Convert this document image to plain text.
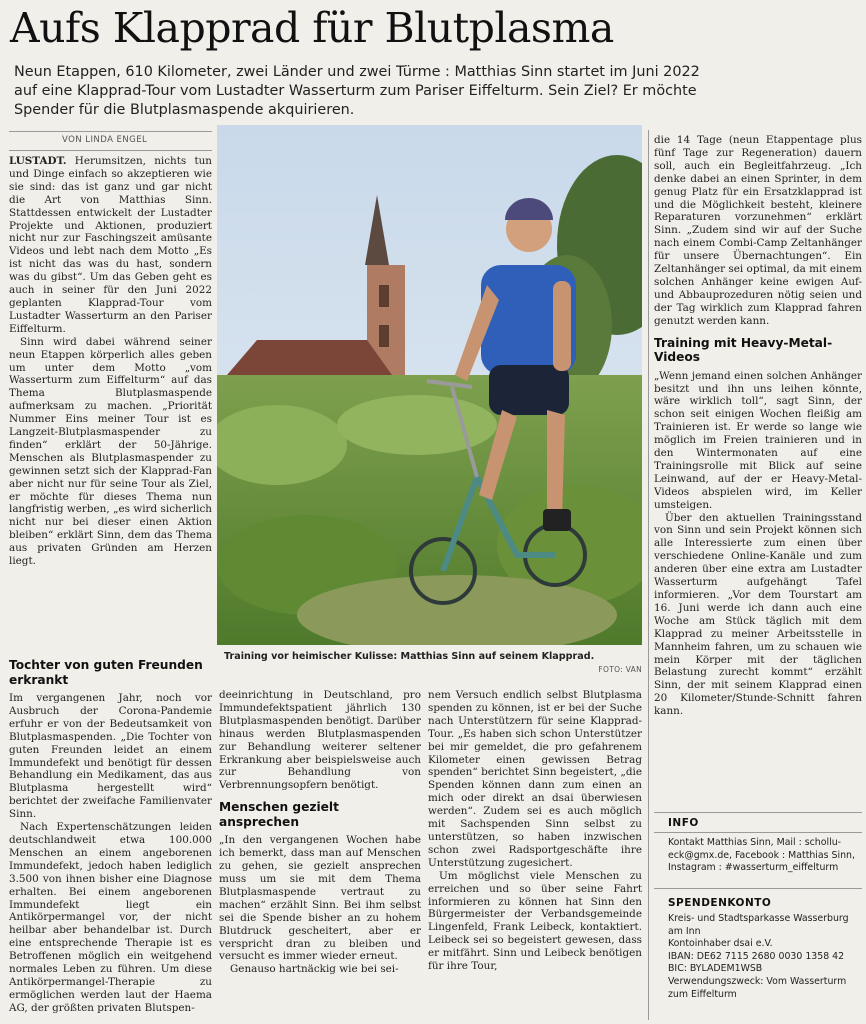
Aufs Klapprad für Blutplasma

Neun Etappen, 610 Kilometer, zwei Länder und zwei Türme : Matthias Sinn startet im Juni 2022 auf eine Klapprad-Tour vom Lustadter Wasserturm zum Pariser Eiffelturm. Sein Ziel? Er möchte Spender für die Blutplasmaspende akquirieren.

VON LINDA ENGEL

LUSTADT. Herumsitzen, nichts tun und Dinge einfach so akzeptieren wie sie sind: das ist ganz und gar nicht die Art von Matthias Sinn. Stattdessen entwickelt der Lustadter Projekte und Aktionen, produziert nicht nur zur Faschingszeit amüsante Videos und lebt nach dem Motto „Es ist nicht das was du hast, sondern was du gibst“. Um das Geben geht es auch in seiner für den Juni 2022 geplanten Klapprad-Tour vom Lustadter Wasserturm an den Pariser Eiffelturm.

Sinn wird dabei während seiner neun Etappen körperlich alles geben um unter dem Motto „vom Wasserturm zum Eiffelturm“ auf das Thema Blutplasmaspende aufmerksam zu machen. „Priorität Nummer Eins meiner Tour ist es Langzeit-Blutplasmaspender zu finden“ erklärt der 50-Jährige. Menschen als Blutplasmaspender zu gewinnen setzt sich der Klapprad-Fan aber nicht nur für seine Tour als Ziel, er möchte für dieses Thema nun langfristig werben, „es wird sicherlich nicht nur bei dieser einen Aktion bleiben“ erklärt Sinn, dem das Thema aus privaten Gründen am Herzen liegt.

Tochter von guten Freunden erkrankt

Im vergangenen Jahr, noch vor Ausbruch der Corona-Pandemie erfuhr er von der Bedeutsamkeit von Blutplasmaspenden. „Die Tochter von guten Freunden leidet an einem Immundefekt und benötigt für dessen Behandlung ein Medikament, das aus Blutplasma hergestellt wird“ berichtet der zweifache Familienvater Sinn.

Nach Expertenschätzungen leiden deutschlandweit etwa 100.000 Menschen an einem angeborenen Immundefekt, jedoch haben lediglich 3.500 von ihnen bisher eine Diagnose erhalten. Bei einem angeborenen Immundefekt liegt ein Antikörpermangel vor, der nicht heilbar aber behandelbar ist. Durch eine entsprechende Therapie ist es Betroffenen möglich ein weitgehend normales Leben zu führen. Um diese Antikörpermangel-Therapie zu ermöglichen werden laut der Haema AG, der größten privaten Blutspen-

Training vor heimischer Kulisse: Matthias Sinn auf seinem Klapprad.
FOTO: VAN

deeinrichtung in Deutschland, pro Immundefektspatient jährlich 130 Blutplasmaspenden benötigt. Darüber hinaus werden Blutplasmaspenden zur Behandlung weiterer seltener Erkrankung aber beispielsweise auch zur Behandlung von Verbrennungsopfern benötigt.

Menschen gezielt ansprechen

„In den vergangenen Wochen habe ich bemerkt, dass man auf Menschen zu gehen, sie gezielt ansprechen muss um sie mit dem Thema Blutplasmaspende vertraut zu machen“ erzählt Sinn. Bei ihm selbst sei die Spende bisher an zu hohem Blutdruck gescheitert, aber er verspricht dran zu bleiben und versucht es immer wieder erneut.

Genauso hartnäckig wie bei sei-

nem Versuch endlich selbst Blutplasma spenden zu können, ist er bei der Suche nach Unterstützern für seine Klapprad-Tour. „Es haben sich schon Unterstützer bei mir gemeldet, die pro gefahrenem Kilometer einen gewissen Betrag spenden“ berichtet Sinn begeistert, „die Spenden können dann zum einen an mich oder direkt an dsai überwiesen werden“. Zudem sei es auch möglich mit Sachspenden Sinn selbst zu unterstützen, so haben inzwischen schon zwei Radsportgeschäfte ihre Unterstützung zugesichert.

Um möglichst viele Menschen zu erreichen und so über seine Fahrt informieren zu können hat Sinn den Bürgermeister der Verbandsgemeinde Lingenfeld, Frank Leibeck, kontaktiert. Leibeck sei so begeistert gewesen, dass er mitfährt. Sinn und Leibeck benötigen für ihre Tour,

die 14 Tage (neun Etappentage plus fünf Tage zur Regeneration) dauern soll, auch ein Begleitfahrzeug. „Ich denke dabei an einen Sprinter, in dem genug Platz für ein Ersatzklapprad ist und die Möglichkeit besteht, kleinere Reparaturen vorzunehmen“ erklärt Sinn. „Zudem sind wir auf der Suche nach einem Combi-Camp Zeltanhänger für unsere Übernachtungen“. Ein Zeltanhänger sei optimal, da mit einem solchen Anhänger keine ewigen Auf-und Abbauprozeduren nötig seien und der Tag wirklich zum Klapprad fahren genutzt werden kann.

Training mit Heavy-Metal-Videos

„Wenn jemand einen solchen Anhänger besitzt und ihn uns leihen könnte, wäre wirklich toll“, sagt Sinn, der schon seit einigen Wochen fleißig am Trainieren ist. Er werde so lange wie möglich im Freien trainieren und in den Wintermonaten auf eine Trainingsrolle mit Blick auf seine Leinwand, auf der er Heavy-Metal-Videos abspielen wird, im Keller umsteigen.

Über den aktuellen Trainingsstand von Sinn und sein Projekt können sich alle Interessierte zum einen über verschiedene Online-Kanäle und zum anderen über eine extra am Lustadter Wasserturm aufgehängt Tafel informieren. „Vor dem Tourstart am 16. Juni werde ich dann auch eine Woche am Stück täglich mit dem Klapprad zu meiner Arbeitsstelle in Mannheim fahren, um zu schauen wie mein Körper mit der täglichen Belastung zurecht kommt“ erzählt Sinn, der mit seinem Klapprad einen 20 Kilometer/Stunde-Schnitt fahren kann.

INFO

Kontakt Matthias Sinn, Mail : schollu-
eck@gmx.de, Facebook : Matthias Sinn,
Instagram : #wasserturm_eiffelturm

SPENDENKONTO

Kreis- und Stadtsparkasse Wasserburg
am Inn
Kontoinhaber dsai e.V.
IBAN: DE62 7115 2680 0030 1358 42
BIC: BYLADEM1WSB
Verwendungszweck: Vom Wasserturm
zum Eiffelturm
